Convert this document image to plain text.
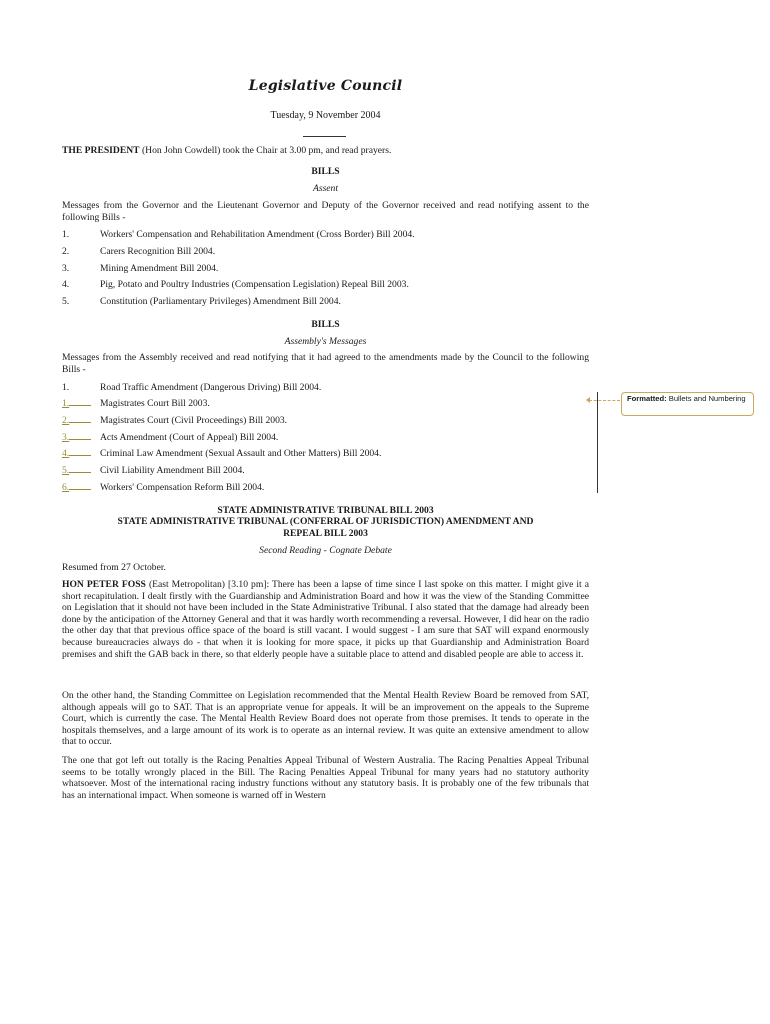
Legislative Council
Tuesday, 9 November 2004
THE PRESIDENT (Hon John Cowdell) took the Chair at 3.00 pm, and read prayers.
BILLS
Assent
Messages from the Governor and the Lieutenant Governor and Deputy of the Governor received and read notifying assent to the following Bills -
1.	Workers' Compensation and Rehabilitation Amendment (Cross Border) Bill 2004.
2.	Carers Recognition Bill 2004.
3.	Mining Amendment Bill 2004.
4.	Pig, Potato and Poultry Industries (Compensation Legislation) Repeal Bill 2003.
5.	Constitution (Parliamentary Privileges) Amendment Bill 2004.
BILLS
Assembly's Messages
Messages from the Assembly received and read notifying that it had agreed to the amendments made by the Council to the following Bills -
1.	Road Traffic Amendment (Dangerous Driving) Bill 2004.
1.	Magistrates Court Bill 2003.
2.	Magistrates Court (Civil Proceedings) Bill 2003.
3.	Acts Amendment (Court of Appeal) Bill 2004.
4.	Criminal Law Amendment (Sexual Assault and Other Matters) Bill 2004.
5.	Civil Liability Amendment Bill 2004.
6.	Workers' Compensation Reform Bill 2004.
STATE ADMINISTRATIVE TRIBUNAL BILL 2003
STATE ADMINISTRATIVE TRIBUNAL (CONFERRAL OF JURISDICTION) AMENDMENT AND
REPEAL BILL 2003
Second Reading - Cognate Debate
Resumed from 27 October.
HON PETER FOSS (East Metropolitan) [3.10 pm]: There has been a lapse of time since I last spoke on this matter. I might give it a short recapitulation. I dealt firstly with the Guardianship and Administration Board and how it was the view of the Standing Committee on Legislation that it should not have been included in the State Administrative Tribunal. I also stated that the damage had already been done by the anticipation of the Attorney General and that it was hardly worth recommending a reversal. However, I did hear on the radio the other day that that previous office space of the board is still vacant. I would suggest - I am sure that SAT will expand enormously because bureaucracies always do - that when it is looking for more space, it picks up that Guardianship and Administration Board premises and shift the GAB back in there, so that elderly people have a suitable place to attend and disabled people are able to access it.
On the other hand, the Standing Committee on Legislation recommended that the Mental Health Review Board be removed from SAT, although appeals will go to SAT. That is an appropriate venue for appeals. It will be an improvement on the appeals to the Supreme Court, which is currently the case. The Mental Health Review Board does not operate from those premises. It tends to operate in the hospitals themselves, and a large amount of its work is to operate as an internal review. It was quite an extensive amendment to allow that to occur.
The one that got left out totally is the Racing Penalties Appeal Tribunal of Western Australia. The Racing Penalties Appeal Tribunal seems to be totally wrongly placed in the Bill. The Racing Penalties Appeal Tribunal for many years had no statutory authority whatsoever. Most of the international racing industry functions without any statutory basis. It is probably one of the few tribunals that has an international impact. When someone is warned off in Western
Formatted: Bullets and Numbering
